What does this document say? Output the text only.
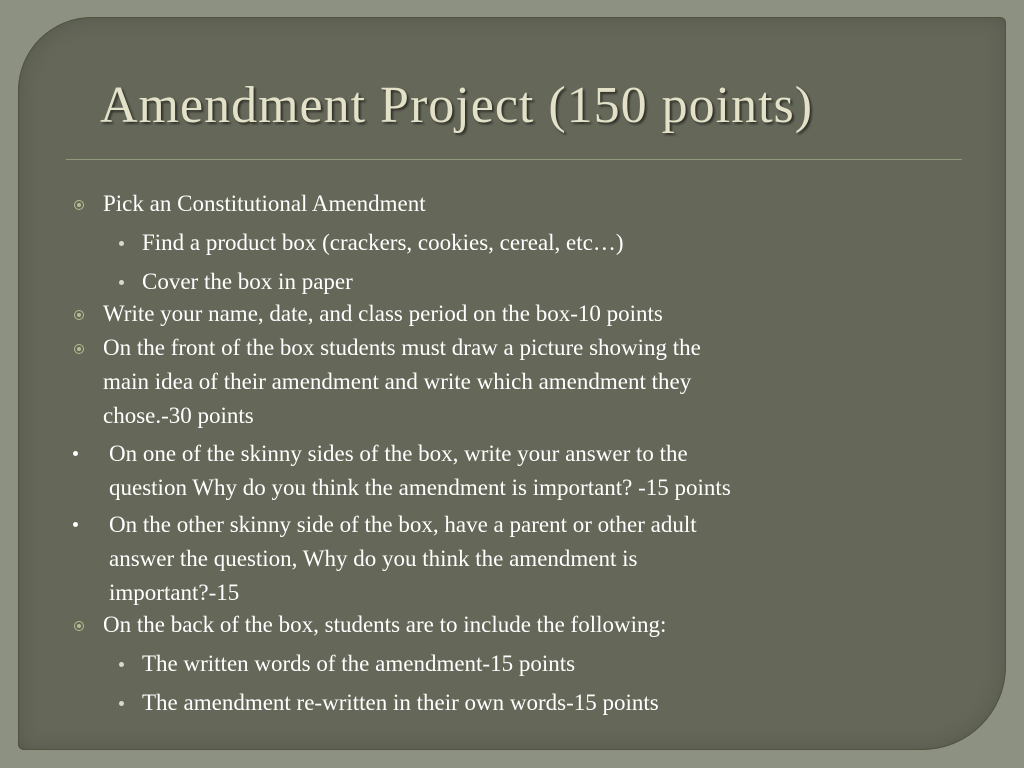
Amendment Project (150 points)
Pick an Constitutional Amendment
Find a product box (crackers, cookies, cereal, etc…)
Cover the box in paper
Write your name, date, and class period on the box-10 points
On the front of the box students must draw a picture showing the
main idea of their amendment and write which amendment they
chose.-30 points
On one of the skinny sides of the box, write your answer to the
question Why do you think the amendment is important? -15 points
On the other skinny side of the box, have a parent or other adult
answer the question, Why do you think the amendment is
important?-15
On the back of the box, students are to include the following:
The written words of the amendment-15 points
The amendment re-written in their own words-15 points
